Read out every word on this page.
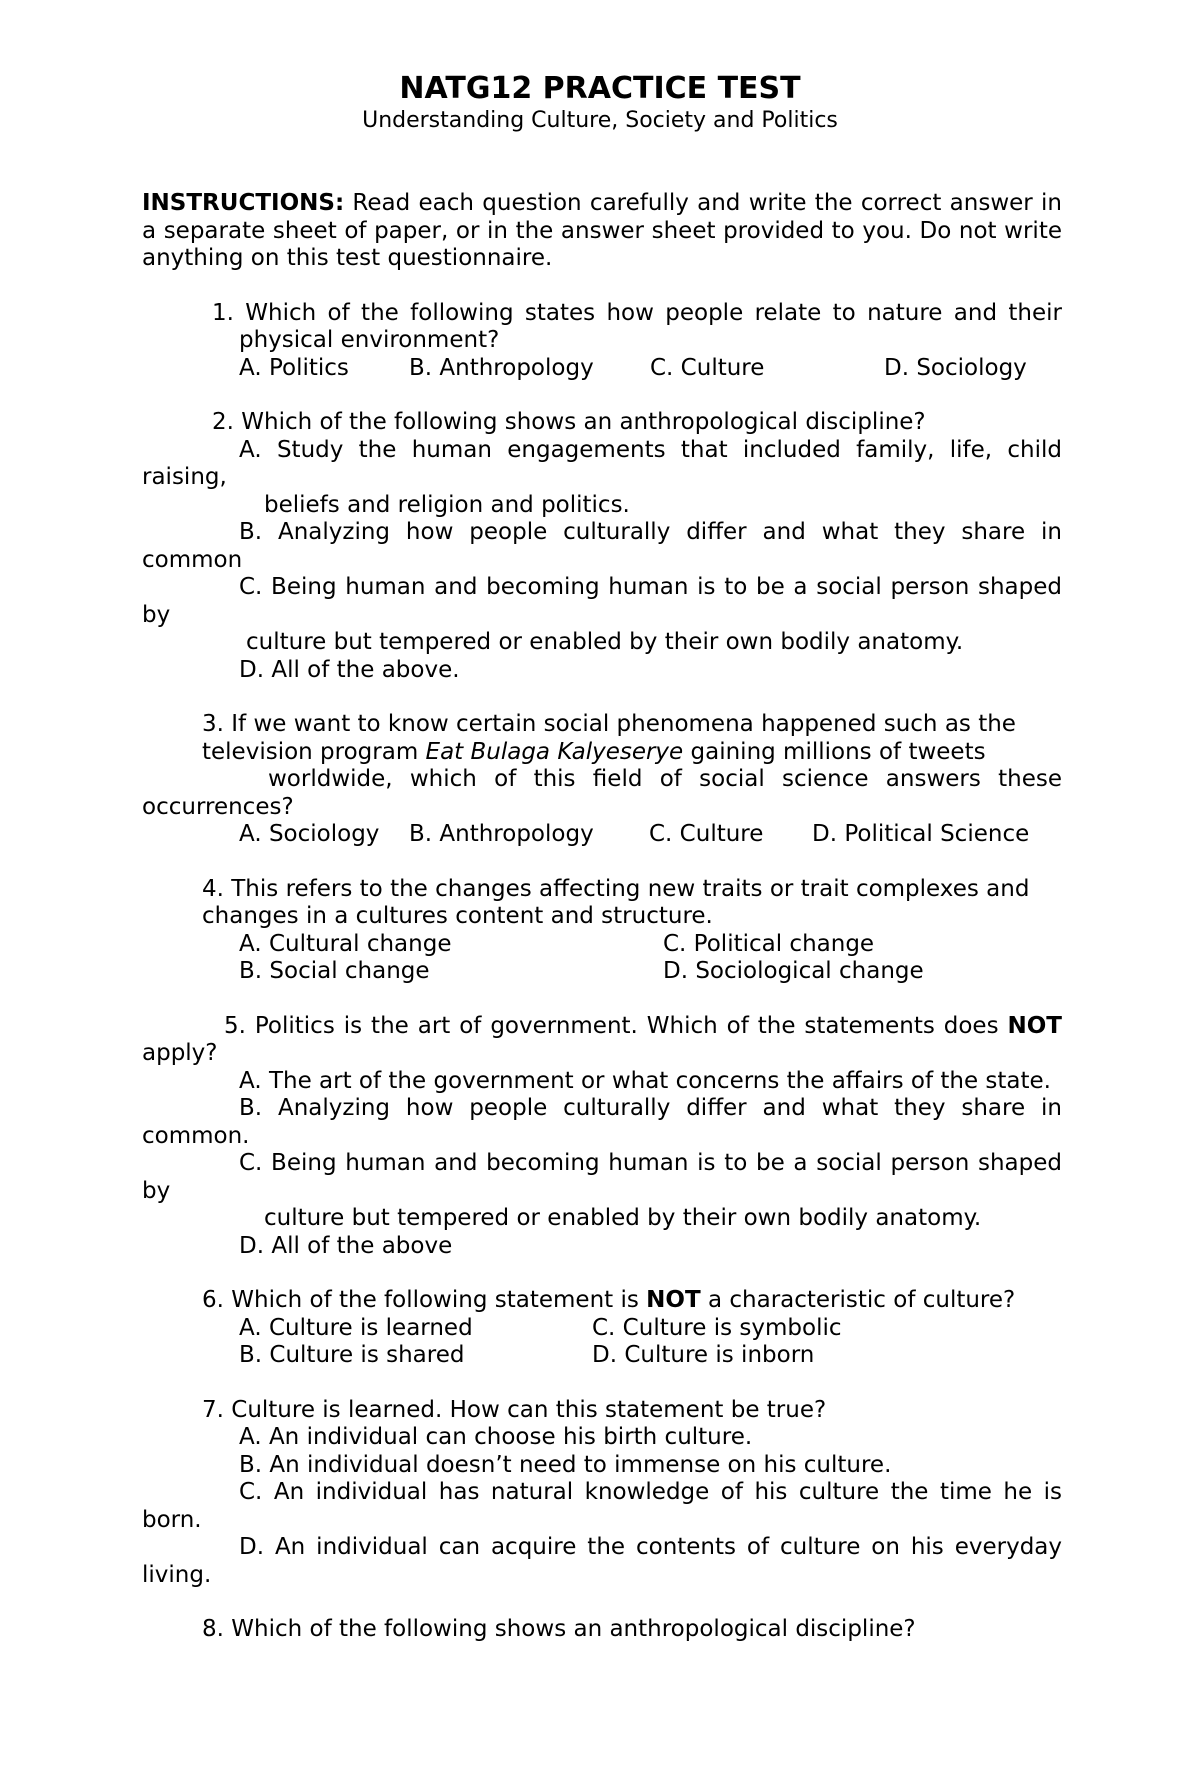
NATG12 PRACTICE TEST
Understanding Culture, Society and Politics

INSTRUCTIONS: Read each question carefully and write the correct answer in a separate sheet of paper, or in the answer sheet provided to you. Do not write anything on this test questionnaire.

1. Which of the following states how people relate to nature and their
physical environment?
A. Politics	B. Anthropology	C. Culture	D. Sociology
2. Which of the following shows an anthropological discipline?
A. Study the human engagements that included family, life, child
raising,
beliefs and religion and politics.
B. Analyzing how people culturally differ and what they share in
common
C. Being human and becoming human is to be a social person shaped
by
culture but tempered or enabled by their own bodily anatomy.
D. All of the above.
3. If we want to know certain social phenomena happened such as the
television program Eat Bulaga Kalyeserye gaining millions of tweets
worldwide, which of this field of social science answers these
occurrences?
A. Sociology	B. Anthropology	C. Culture	D. Political Science
4. This refers to the changes affecting new traits or trait complexes and
changes in a cultures content and structure.
A. Cultural change	C. Political change
B. Social change	D. Sociological change
5. Politics is the art of government. Which of the statements does NOT
apply?
A. The art of the government or what concerns the affairs of the state.
B. Analyzing how people culturally differ and what they share in
common.
C. Being human and becoming human is to be a social person shaped
by
culture but tempered or enabled by their own bodily anatomy.
D. All of the above
6. Which of the following statement is NOT a characteristic of culture?
A. Culture is learned	C. Culture is symbolic
B. Culture is shared	D. Culture is inborn
7. Culture is learned. How can this statement be true?
A. An individual can choose his birth culture.
B. An individual doesn’t need to immense on his culture.
C. An individual has natural knowledge of his culture the time he is
born.
D. An individual can acquire the contents of culture on his everyday
living.
8. Which of the following shows an anthropological discipline?
